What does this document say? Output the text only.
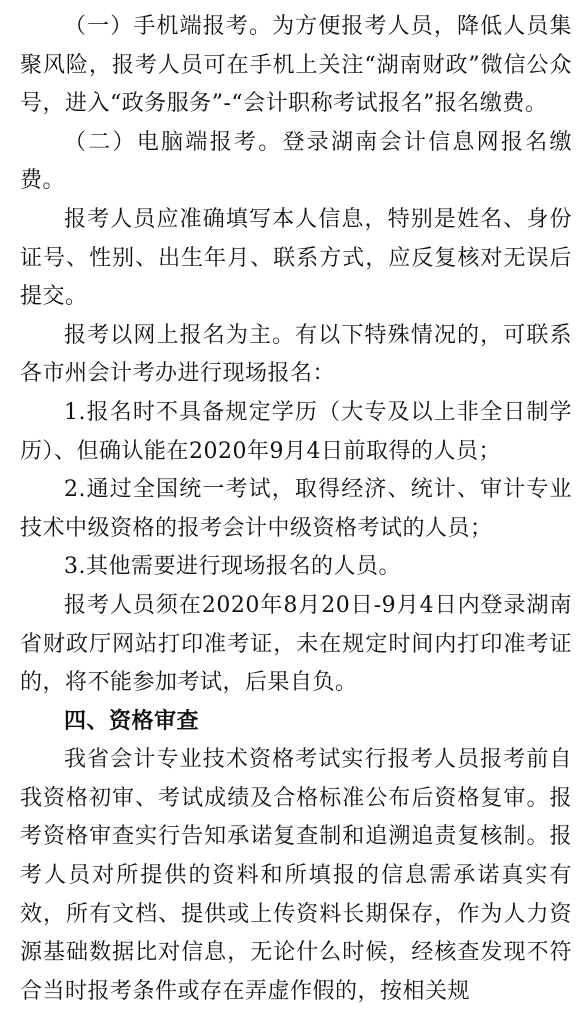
（一）手机端报考。为方便报考人员，降低人员集聚风险，报考人员可在手机上关注“湖南财政”微信公众号，进入“政务服务”-“会计职称考试报名”报名缴费。

（二）电脑端报考。登录湖南会计信息网报名缴费。

报考人员应准确填写本人信息，特别是姓名、身份证号、性别、出生年月、联系方式，应反复核对无误后提交。

报考以网上报名为主。有以下特殊情况的，可联系各市州会计考办进行现场报名：

1.报名时不具备规定学历（大专及以上非全日制学历）、但确认能在2020年9月4日前取得的人员；

2.通过全国统一考试，取得经济、统计、审计专业技术中级资格的报考会计中级资格考试的人员；

3.其他需要进行现场报名的人员。

报考人员须在2020年8月20日-9月4日内登录湖南省财政厅网站打印准考证，未在规定时间内打印准考证的，将不能参加考试，后果自负。

四、资格审查

我省会计专业技术资格考试实行报考人员报考前自我资格初审、考试成绩及合格标准公布后资格复审。报考资格审查实行告知承诺复查制和追溯追责复核制。报考人员对所提供的资料和所填报的信息需承诺真实有效，所有文档、提供或上传资料长期保存，作为人力资源基础数据比对信息，无论什么时候，经核查发现不符合当时报考条件或存在弄虚作假的，按相关规
